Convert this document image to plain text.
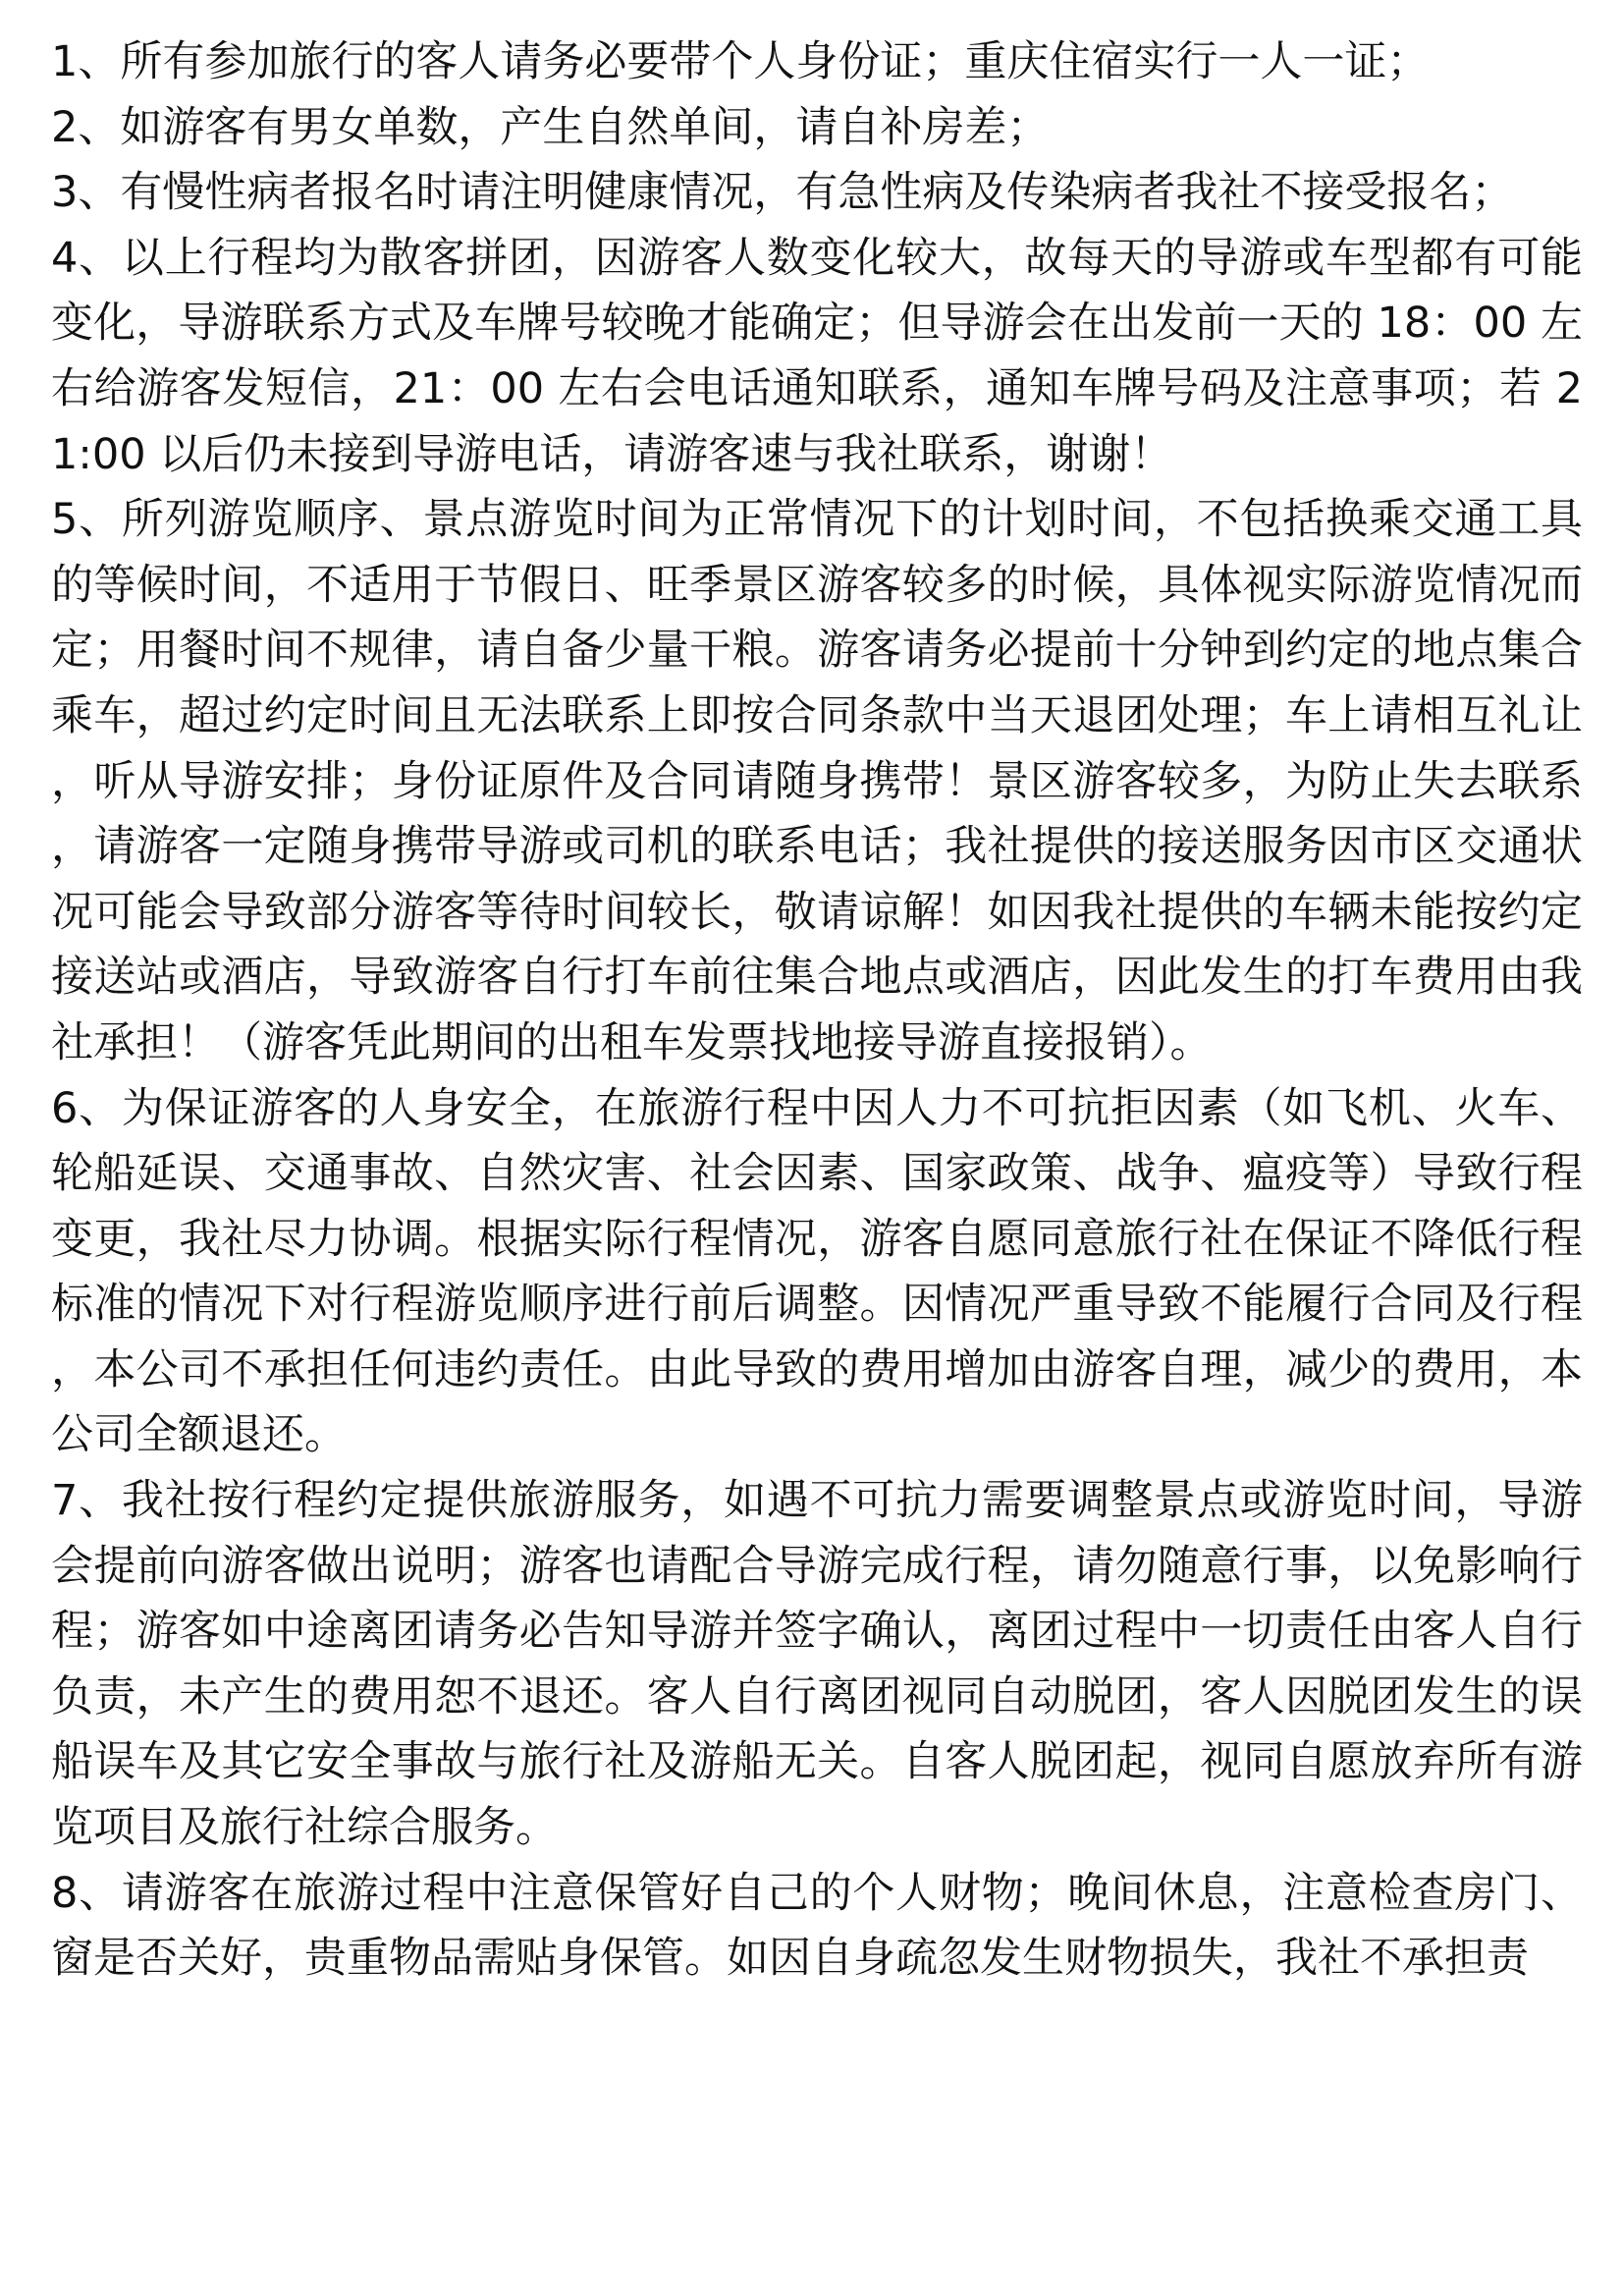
1、所有参加旅行的客人请务必要带个人身份证；重庆住宿实行一人一证；

2、如游客有男女单数，产生自然单间，请自补房差；

3、有慢性病者报名时请注明健康情况，有急性病及传染病者我社不接受报名；

4、以上行程均为散客拼团，因游客人数变化较大，故每天的导游或车型都有可能变化，导游联系方式及车牌号较晚才能确定；但导游会在出发前一天的 18：00 左右给游客发短信，21：00 左右会电话通知联系，通知车牌号码及注意事项；若 21:00 以后仍未接到导游电话，请游客速与我社联系，谢谢！

5、所列游览顺序、景点游览时间为正常情况下的计划时间，不包括换乘交通工具的等候时间，不适用于节假日、旺季景区游客较多的时候，具体视实际游览情况而定；用餐时间不规律，请自备少量干粮。游客请务必提前十分钟到约定的地点集合乘车，超过约定时间且无法联系上即按合同条款中当天退团处理；车上请相互礼让，听从导游安排；身份证原件及合同请随身携带！景区游客较多，为防止失去联系，请游客一定随身携带导游或司机的联系电话；我社提供的接送服务因市区交通状况可能会导致部分游客等待时间较长，敬请谅解！如因我社提供的车辆未能按约定接送站或酒店，导致游客自行打车前往集合地点或酒店，因此发生的打车费用由我社承担！（游客凭此期间的出租车发票找地接导游直接报销）。

6、为保证游客的人身安全，在旅游行程中因人力不可抗拒因素（如飞机、火车、轮船延误、交通事故、自然灾害、社会因素、国家政策、战争、瘟疫等）导致行程变更，我社尽力协调。根据实际行程情况，游客自愿同意旅行社在保证不降低行程标准的情况下对行程游览顺序进行前后调整。因情况严重导致不能履行合同及行程，本公司不承担任何违约责任。由此导致的费用增加由游客自理，减少的费用，本公司全额退还。

7、我社按行程约定提供旅游服务，如遇不可抗力需要调整景点或游览时间，导游会提前向游客做出说明；游客也请配合导游完成行程，请勿随意行事，以免影响行程；游客如中途离团请务必告知导游并签字确认，离团过程中一切责任由客人自行负责，未产生的费用恕不退还。客人自行离团视同自动脱团，客人因脱团发生的误船误车及其它安全事故与旅行社及游船无关。自客人脱团起，视同自愿放弃所有游览项目及旅行社综合服务。

8、请游客在旅游过程中注意保管好自己的个人财物；晚间休息，注意检查房门、窗是否关好，贵重物品需贴身保管。如因自身疏忽发生财物损失，我社不承担责
